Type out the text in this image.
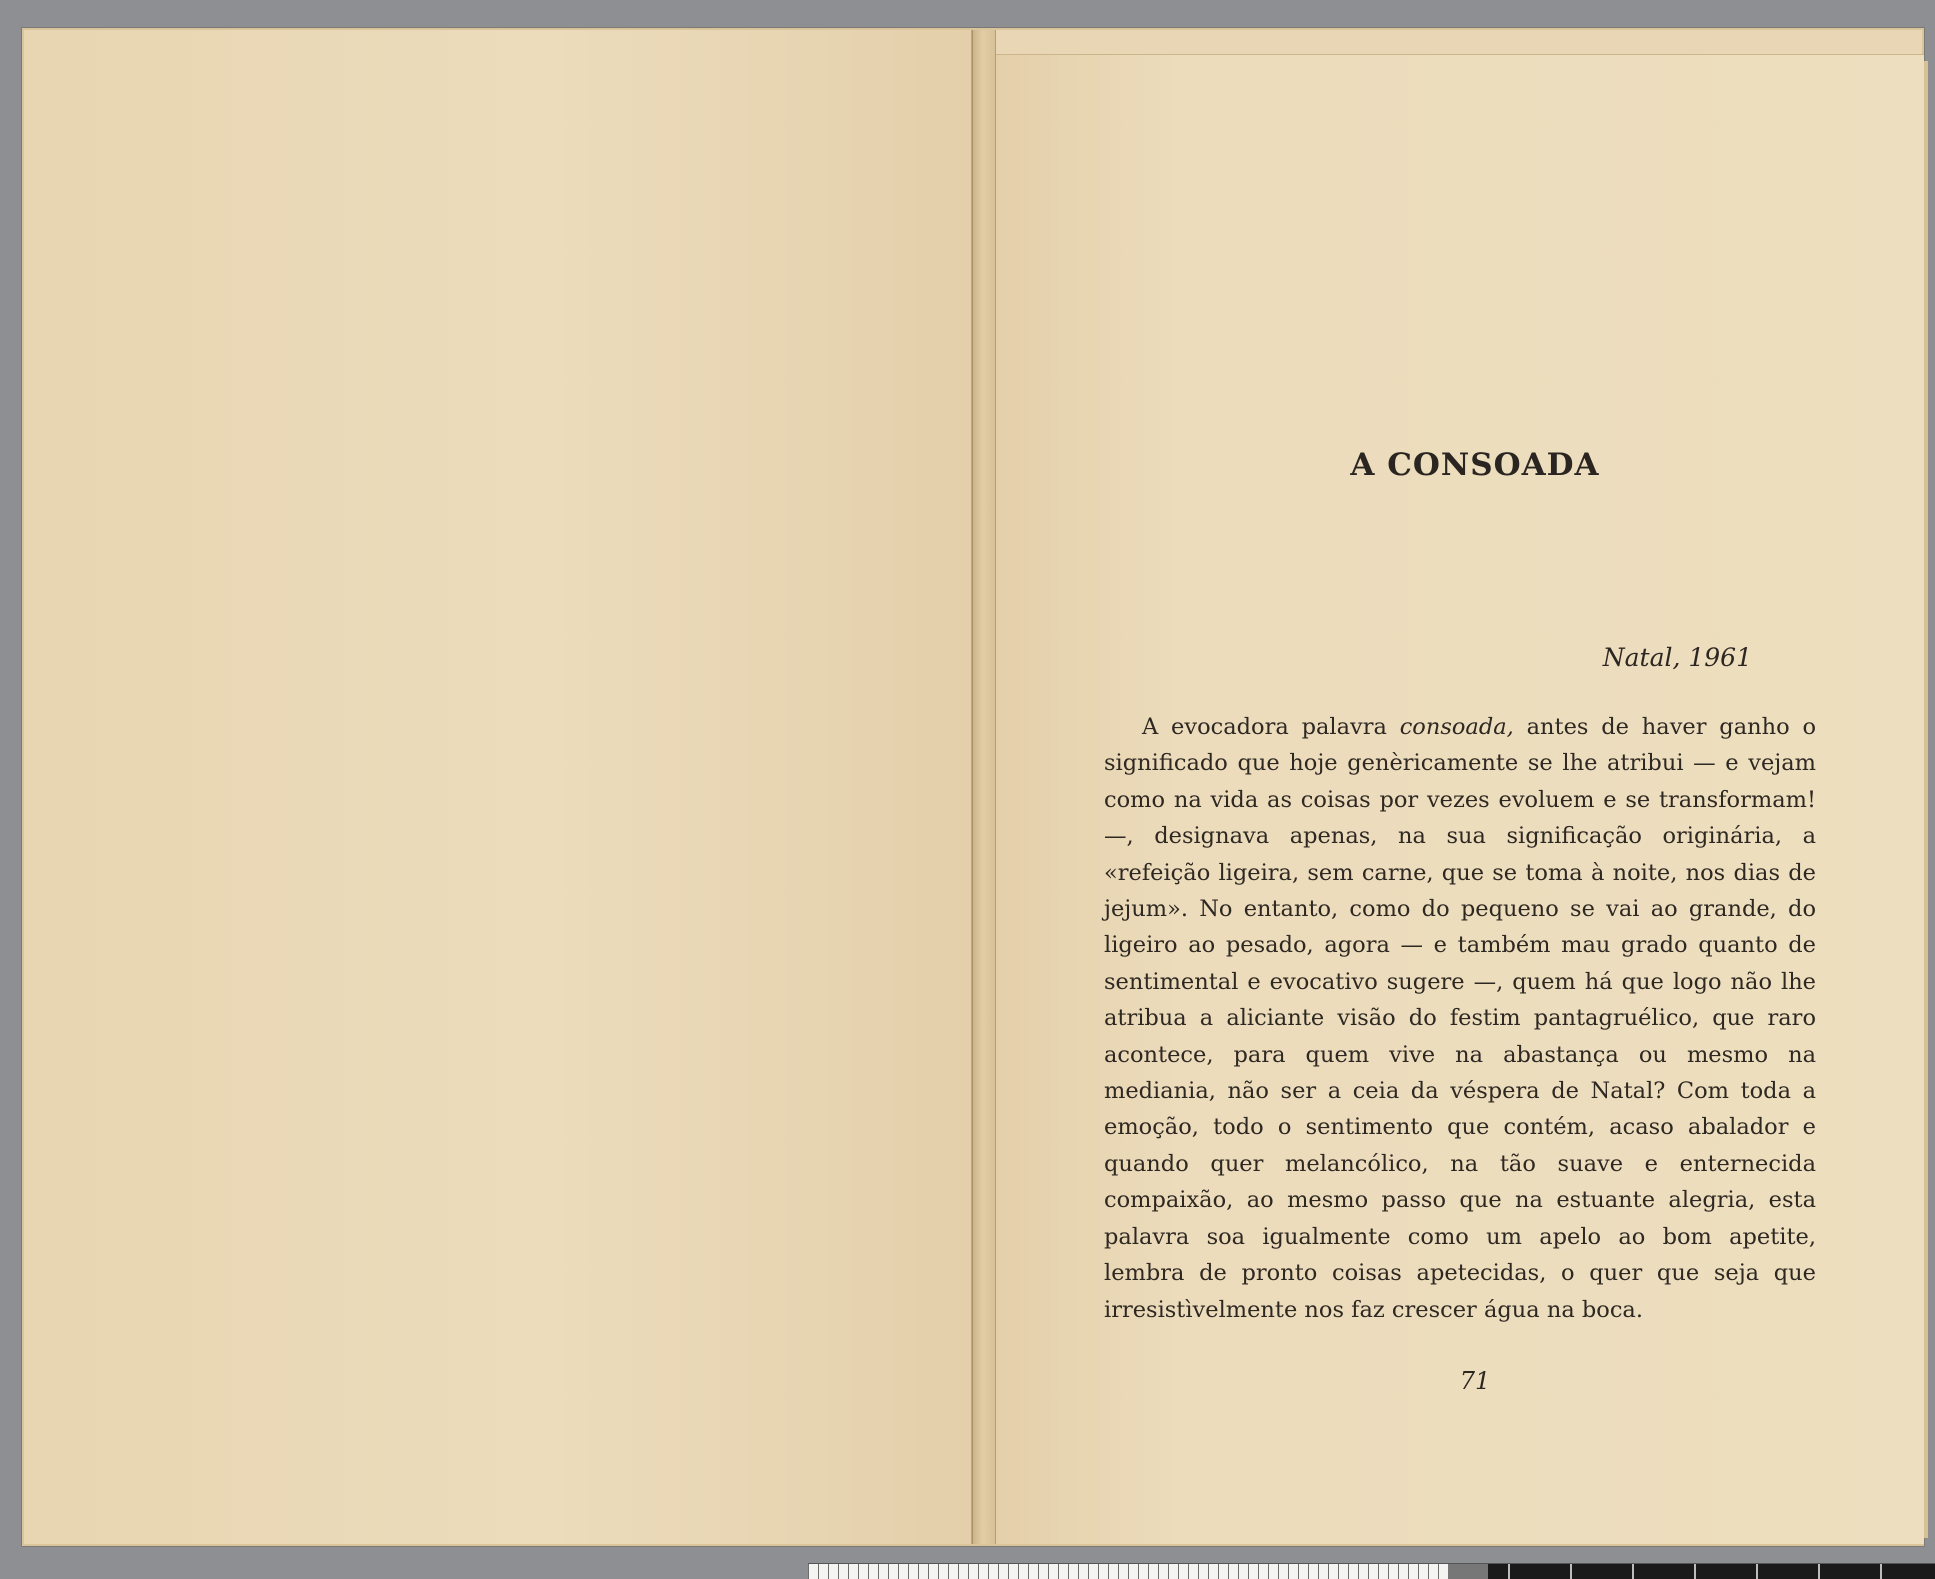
A CONSOADA
Natal, 1961

A evocadora palavra consoada, antes de haver ganho o significado que hoje genèricamente se lhe atribui — e vejam como na vida as coisas por vezes evoluem e se transformam! —, designava apenas, na sua significação originária, a «refeição ligeira, sem carne, que se toma à noite, nos dias de jejum». No entanto, como do pequeno se vai ao grande, do ligeiro ao pesado, agora — e também mau grado quanto de sentimental e evocativo sugere —, quem há que logo não lhe atribua a aliciante visão do festim pantagruélico, que raro acontece, para quem vive na abastança ou mesmo na mediania, não ser a ceia da véspera de Natal? Com toda a emoção, todo o sentimento que contém, acaso abalador e quando quer melancólico, na tão suave e enternecida compaixão, ao mesmo passo que na estuante alegria, esta palavra soa igualmente como um apelo ao bom apetite, lembra de pronto coisas apetecidas, o quer que seja que irresistìvelmente nos faz crescer água na boca.

71
